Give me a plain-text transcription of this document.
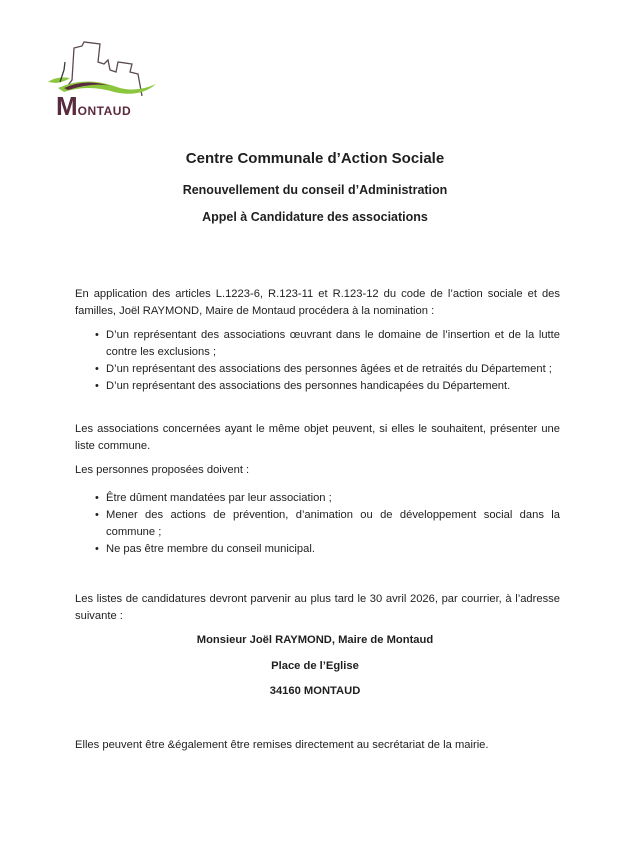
MONTAUD
Centre Communale d’Action Sociale
Renouvellement du conseil d’Administration
Appel à Candidature des associations
En application des articles L.1223-6, R.123-11 et R.123-12 du code de l’action sociale et des familles, Joël RAYMOND, Maire de Montaud procédera à la nomination :
• D’un représentant des associations œuvrant dans le domaine de l’insertion et de la lutte contre les exclusions ;
• D’un représentant des associations des personnes âgées et de retraités du Département ;
• D’un représentant des associations des personnes handicapées du Département.
Les associations concernées ayant le même objet peuvent, si elles le souhaitent, présenter une liste commune.
Les personnes proposées doivent :
• Être dûment mandatées par leur association ;
• Mener des actions de prévention, d’animation ou de développement social dans la commune ;
• Ne pas être membre du conseil municipal.
Les listes de candidatures devront parvenir au plus tard le 30 avril 2026, par courrier, à l’adresse suivante :
Monsieur Joël RAYMOND, Maire de Montaud
Place de l’Eglise
34160 MONTAUD
Elles peuvent être &également être remises directement au secrétariat de la mairie.
